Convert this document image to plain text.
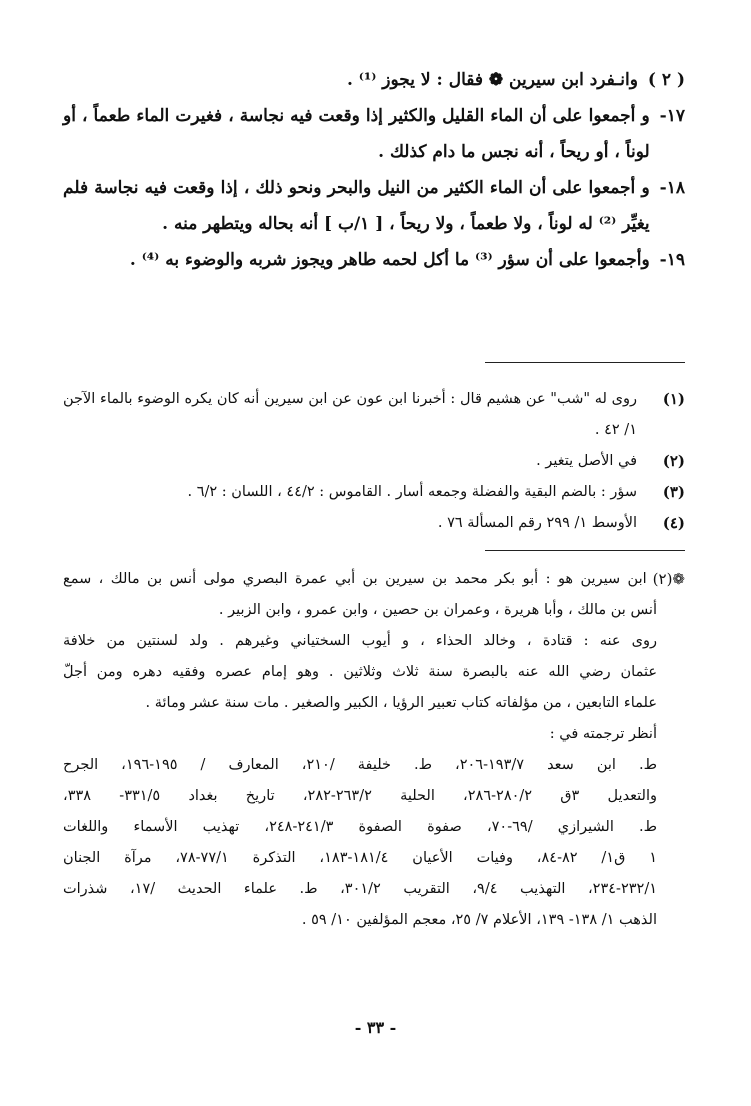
( ٢ )
وانـفرد ابن سيرين ❁ فقال : لا يجوز ⁽¹⁾ .
١٧-
و أجمعوا على أن الماء القليل والكثير إذا وقعت فيه نجاسة ، فغيرت الماء طعماً ، أو لوناً ، أو ريحاً ، أنه نجس ما دام كذلك .
١٨-
و أجمعوا على أن الماء الكثير من النيل والبحر ونحو ذلك ، إذا وقعت فيه نجاسة فلم يغيِّر ⁽²⁾ له لوناً ، ولا طعماً ، ولا ريحاً ، [ ١/ب ] أنه بحاله ويتطهر منه .
١٩-
وأجمعوا على أن سؤر ⁽³⁾ ما أكل لحمه طاهر ويجوز شربه والوضوء به ⁽⁴⁾ .
(١)
روى له "شب" عن هشيم قال : أخبرنا ابن عون عن ابن سيرين أنه كان يكره الوضوء بالماء الآجن ١/ ٤٢ .
(٢)
في الأصل يتغير .
(٣)
سؤر : بالضم البقية والفضلة وجمعه أسار . القاموس : ٤٤/٢ ، اللسان : ٦/٢ .
(٤)
الأوسط ١/ ٢٩٩ رقم المسألة ٧٦ .
❁(٢)
ابن سيرين هو : أبو بكر محمد بن سيرين بن أبي عمرة البصري مولى أنس بن مالك ، سمع
أنس بن مالك ، وأبا هريرة ، وعمران بن حصين ، وابن عمرو ، وابن الزبير .
روى عنه : قتادة ، وخالد الحذاء ، و أيوب السختياني وغيرهم . ولد لسنتين من خلافة
عثمان رضي الله عنه بالبصرة سنة ثلاث وثلاثين . وهو إمام عصره وفقيه دهره ومن أجلّ
علماء التابعين ، من مؤلفاته كتاب تعبير الرؤيا ، الكبير والصغير . مات سنة عشر ومائة .
أنظر ترجمته في :
ط. ابن سعد ١٩٣/٧-٢٠٦، ط. خليفة /٢١٠، المعارف / ١٩٥-١٩٦، الجرح
والتعديل ٣ق ٢٨٠/٢-٢٨٦، الحلية ٢٦٣/٢-٢٨٢، تاريخ بغداد ٣٣١/٥- ٣٣٨،
ط. الشيرازي /٦٩-٧٠، صفوة الصفوة ٢٤١/٣-٢٤٨، تهذيب الأسماء واللغات
١ ق١/ ٨٢-٨٤، وفيات الأعيان ١٨١/٤-١٨٣، التذكرة ٧٧/١-٧٨، مرآة الجنان
٢٣٢/١-٢٣٤، التهذيب ٩/٤، التقريب ٣٠١/٢، ط. علماء الحديث /١٧، شذرات
الذهب ١/ ١٣٨- ١٣٩، الأعلام ٧/ ٢٥، معجم المؤلفين ١٠/ ٥٩ .
- ٣٣ -
